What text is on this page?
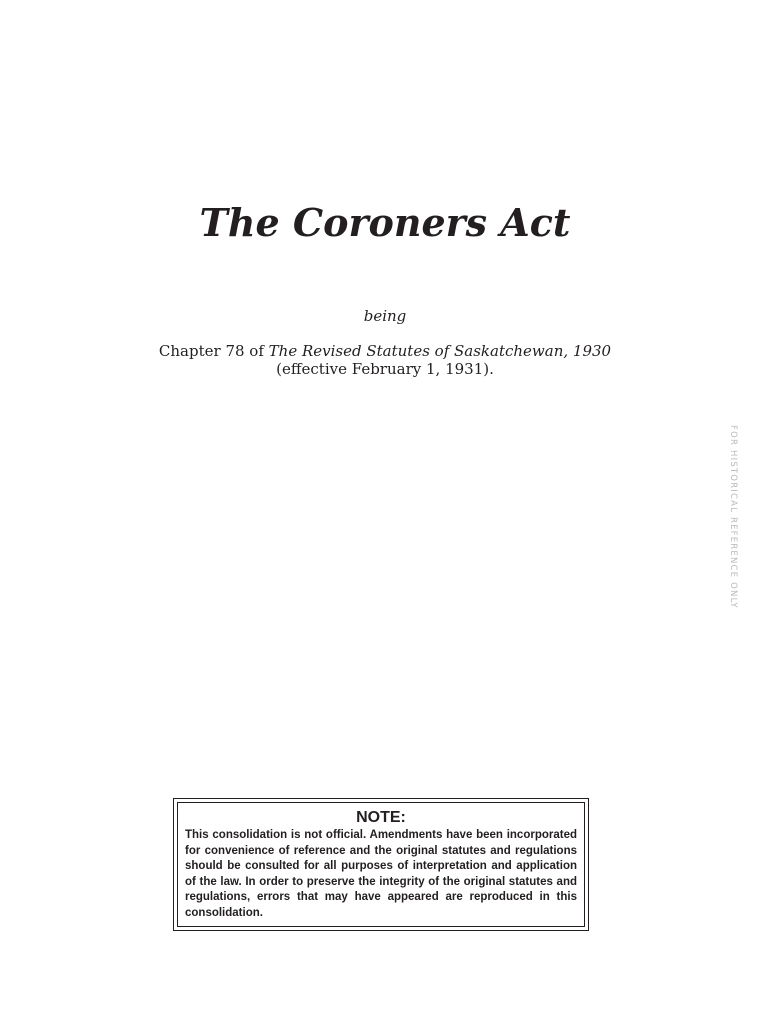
The Coroners Act
being
Chapter 78 of The Revised Statutes of Saskatchewan, 1930
(effective February 1, 1931).
FOR HISTORICAL REFERENCE ONLY
NOTE:

This consolidation is not official. Amendments have been incorporated for convenience of reference and the original statutes and regulations should be consulted for all purposes of interpretation and application of the law. In order to preserve the integrity of the original statutes and regulations, errors that may have appeared are reproduced in this consolidation.
